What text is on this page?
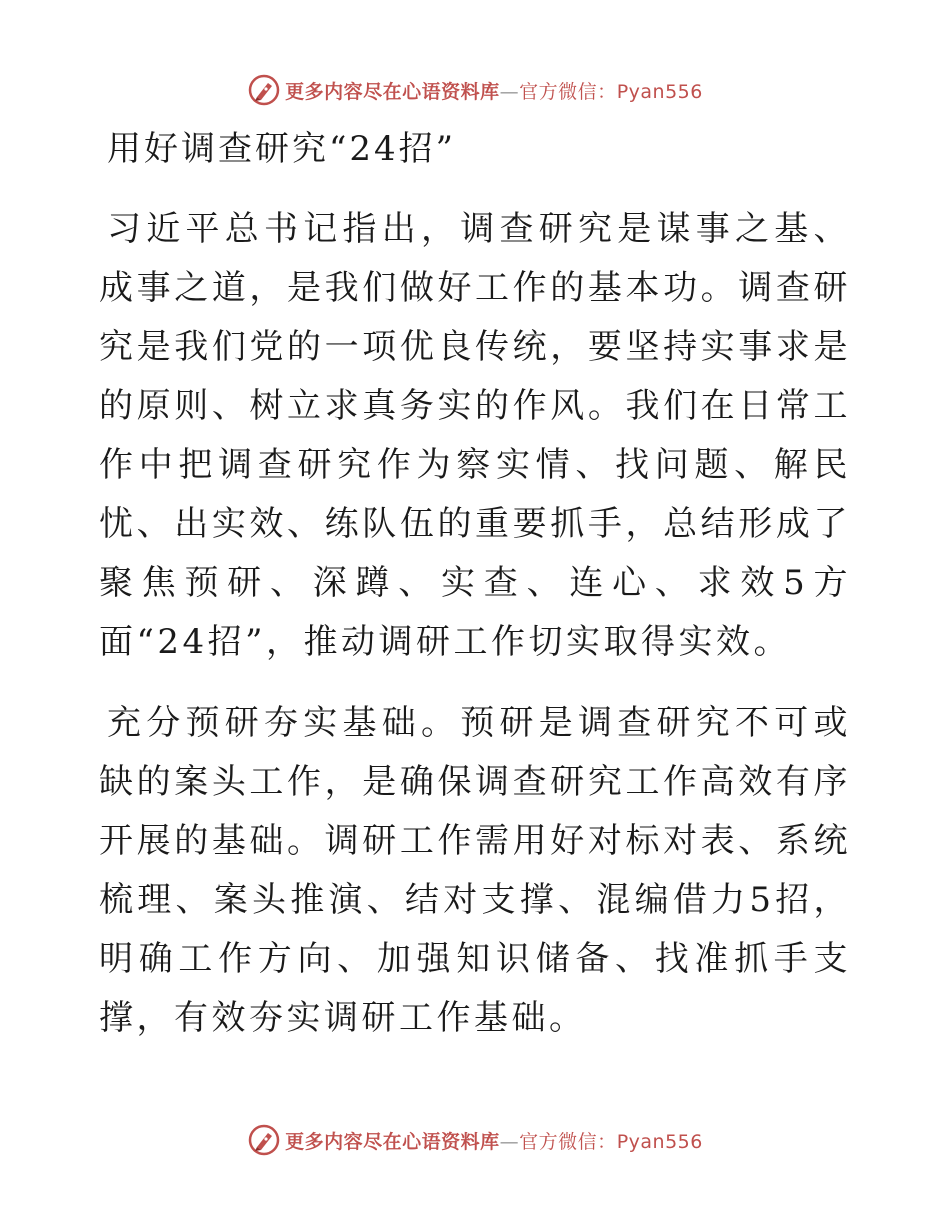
更多内容尽在心语资料库—官方微信：Pyan556
用好调查研究“24招”

习近平总书记指出，调查研究是谋事之基、成事之道，是我们做好工作的基本功。调查研究是我们党的一项优良传统，要坚持实事求是的原则、树立求真务实的作风。我们在日常工作中把调查研究作为察实情、找问题、解民忧、出实效、练队伍的重要抓手，总结形成了聚焦预研、深蹲、实查、连心、求效5方面“24招”，推动调研工作切实取得实效。

充分预研夯实基础。预研是调查研究不可或缺的案头工作，是确保调查研究工作高效有序开展的基础。调研工作需用好对标对表、系统梳理、案头推演、结对支撑、混编借力5招，明确工作方向、加强知识储备、找准抓手支撑，有效夯实调研工作基础。

更多内容尽在心语资料库—官方微信：Pyan556
